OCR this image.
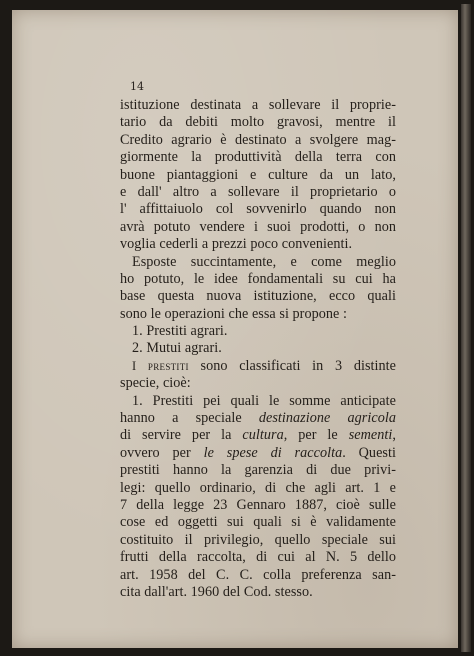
14
istituzione destinata a sollevare il proprie-
tario da debiti molto gravosi, mentre il
Credito agrario è destinato a svolgere mag-
giormente la produttività della terra con
buone piantaggioni e culture da un lato,
e dall' altro a sollevare il proprietario o
l' affittaiuolo col sovvenirlo quando non
avrà potuto vendere i suoi prodotti, o non
voglia cederli a prezzi poco convenienti.
Esposte succintamente, e come meglio
ho potuto, le idee fondamentali su cui ha
base questa nuova istituzione, ecco quali
sono le operazioni che essa si propone :
1. Prestiti agrari.
2. Mutui agrari.
I prestiti sono classificati in 3 distinte
specie, cioè:
1. Prestiti pei quali le somme anticipate
hanno a speciale destinazione agricola
di servire per la cultura, per le sementi,
ovvero per le spese di raccolta. Questi
prestiti hanno la garenzia di due privi-
legi: quello ordinario, di che agli art. 1 e
7 della legge 23 Gennaro 1887, cioè sulle
cose ed oggetti sui quali si è validamente
costituito il privilegio, quello speciale sui
frutti della raccolta, di cui al N. 5 dello
art. 1958 del C. C. colla preferenza san-
cita dall'art. 1960 del Cod. stesso.
